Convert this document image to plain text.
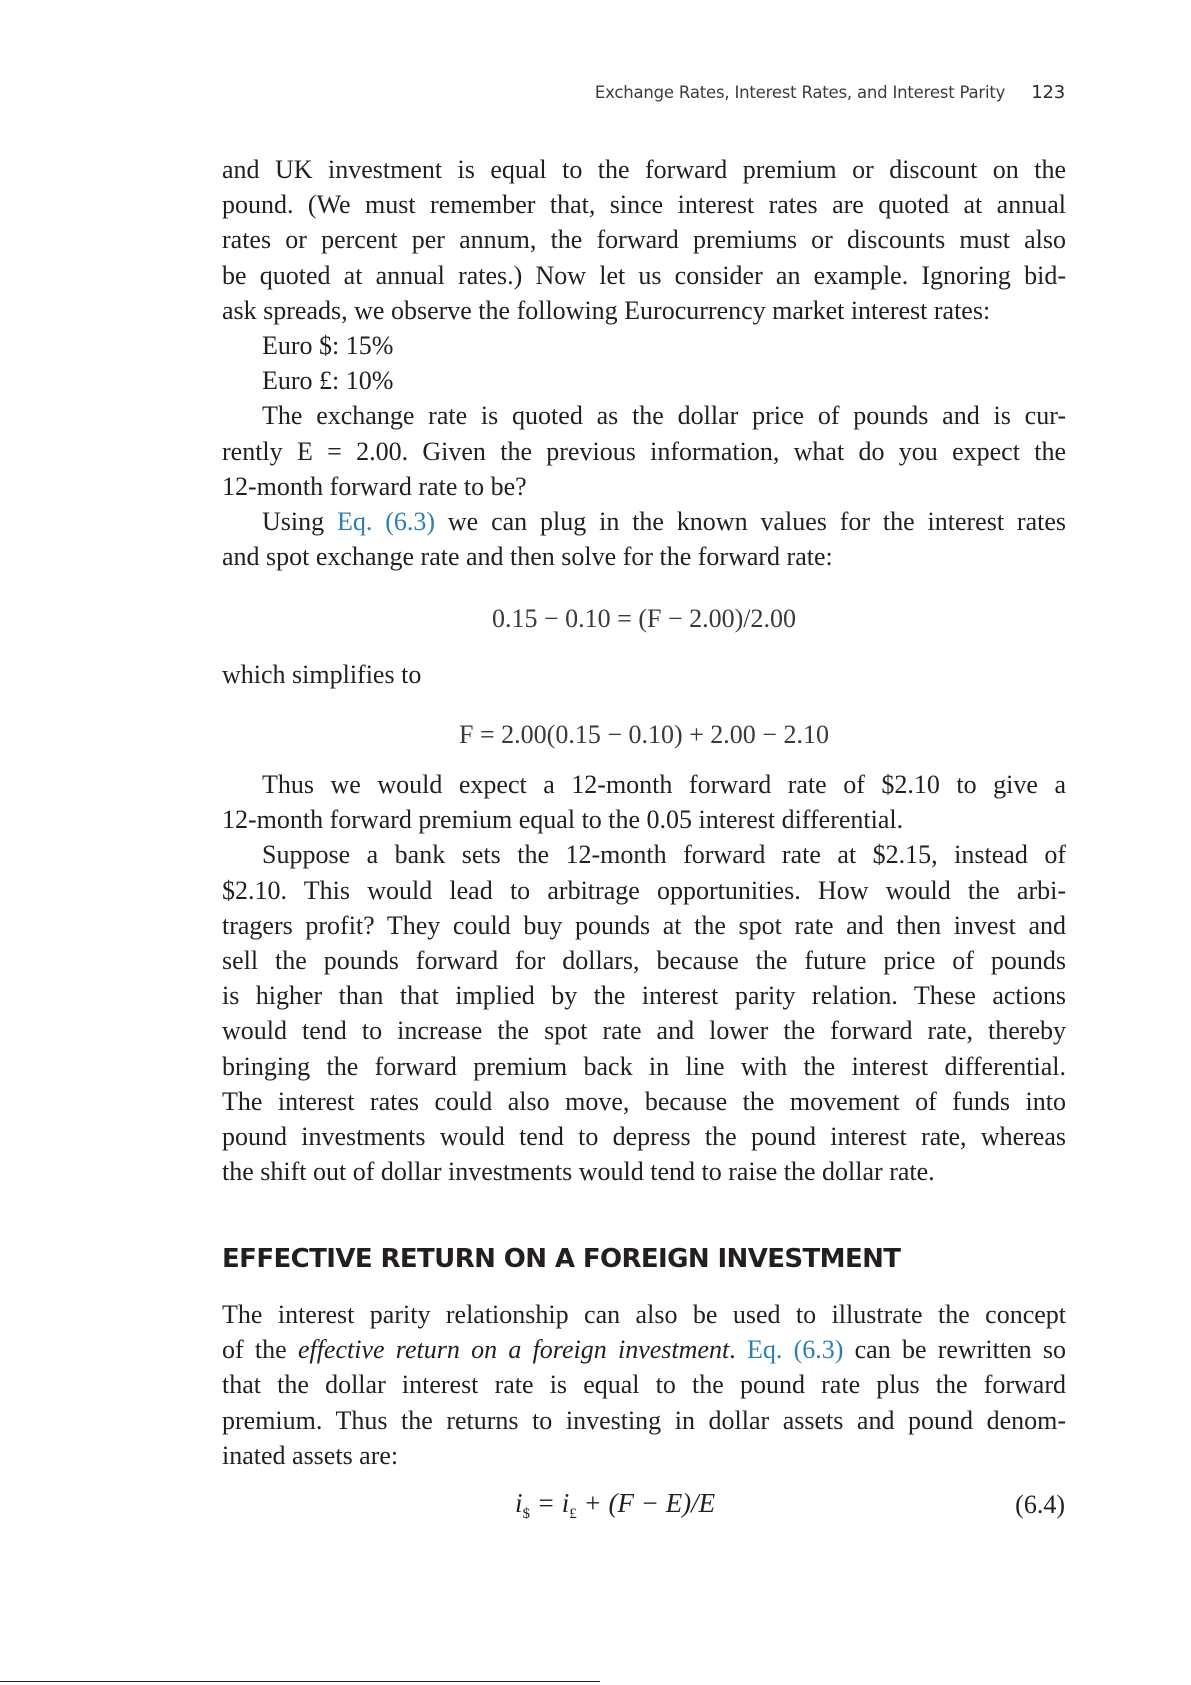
Exchange Rates, Interest Rates, and Interest Parity 123
and UK investment is equal to the forward premium or discount on the
pound. (We must remember that, since interest rates are quoted at annual
rates or percent per annum, the forward premiums or discounts must also
be quoted at annual rates.) Now let us consider an example. Ignoring bid-
ask spreads, we observe the following Eurocurrency market interest rates:
Euro $: 15%
Euro £: 10%
The exchange rate is quoted as the dollar price of pounds and is cur-
rently E = 2.00. Given the previous information, what do you expect the
12-month forward rate to be?
Using Eq. (6.3) we can plug in the known values for the interest rates
and spot exchange rate and then solve for the forward rate:
0.15 − 0.10 = (F − 2.00)/2.00
which simplifies to
F = 2.00(0.15 − 0.10) + 2.00 − 2.10
Thus we would expect a 12-month forward rate of $2.10 to give a
12-month forward premium equal to the 0.05 interest differential.
Suppose a bank sets the 12-month forward rate at $2.15, instead of
$2.10. This would lead to arbitrage opportunities. How would the arbi-
tragers profit? They could buy pounds at the spot rate and then invest and
sell the pounds forward for dollars, because the future price of pounds
is higher than that implied by the interest parity relation. These actions
would tend to increase the spot rate and lower the forward rate, thereby
bringing the forward premium back in line with the interest differential.
The interest rates could also move, because the movement of funds into
pound investments would tend to depress the pound interest rate, whereas
the shift out of dollar investments would tend to raise the dollar rate.
EFFECTIVE RETURN ON A FOREIGN INVESTMENT
The interest parity relationship can also be used to illustrate the concept
of the effective return on a foreign investment. Eq. (6.3) can be rewritten so
that the dollar interest rate is equal to the pound rate plus the forward
premium. Thus the returns to investing in dollar assets and pound denom-
inated assets are:
$i_{\$} = i_£ + (F - E)/E$	(6.4)
